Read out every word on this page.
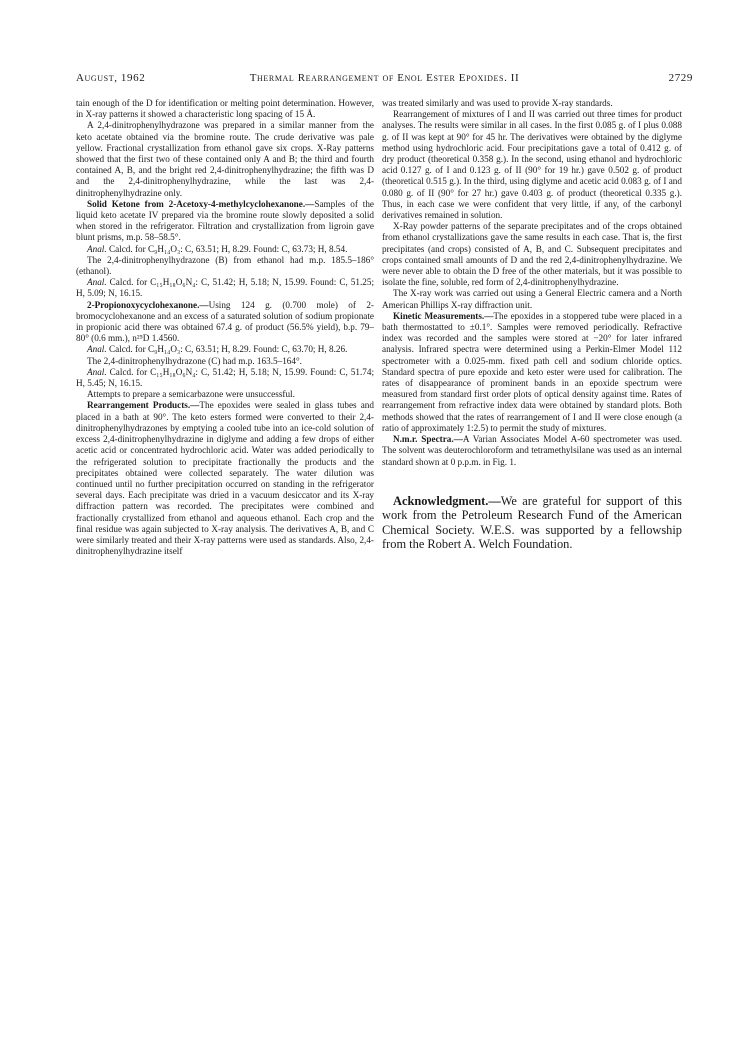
August, 1962	Thermal Rearrangement of Enol Ester Epoxides. II	2729

tain enough of the D for identification or melting point determination. However, in X-ray patterns it showed a characteristic long spacing of 15 Å.

A 2,4-dinitrophenylhydrazone was prepared in a similar manner from the keto acetate obtained via the bromine route. The crude derivative was pale yellow. Fractional crystallization from ethanol gave six crops. X-Ray patterns showed that the first two of these contained only A and B; the third and fourth contained A, B, and the bright red 2,4-dinitrophenylhydrazine; the fifth was D and the 2,4-dinitrophenylhydrazine, while the last was 2,4-dinitrophenylhydrazine only.

Solid Ketone from 2-Acetoxy-4-methylcyclohexanone.—Samples of the liquid keto acetate IV prepared via the bromine route slowly deposited a solid when stored in the refrigerator. Filtration and crystallization from ligroin gave blunt prisms, m.p. 58–58.5°.

Anal. Calcd. for C₉H₁₄O₃: C, 63.51; H, 8.29. Found: C, 63.73; H, 8.54.

The 2,4-dinitrophenylhydrazone (B) from ethanol had m.p. 185.5–186° (ethanol).

Anal. Calcd. for C₁₅H₁₈O₆N₄: C, 51.42; H, 5.18; N, 15.99. Found: C, 51.25; H, 5.09; N, 16.15.

2-Propionoxycyclohexanone.—Using 124 g. (0.700 mole) of 2-bromocyclohexanone and an excess of a saturated solution of sodium propionate in propionic acid there was obtained 67.4 g. of product (56.5% yield), b.p. 79–80° (0.6 mm.), n²⁵D 1.4560.

Anal. Calcd. for C₉H₁₄O₃: C, 63.51; H, 8.29. Found: C, 63.70; H, 8.26.

The 2,4-dinitrophenylhydrazone (C) had m.p. 163.5–164°.

Anal. Calcd. for C₁₅H₁₈O₆N₄: C, 51.42; H, 5.18; N, 15.99. Found: C, 51.74; H, 5.45; N, 16.15.

Attempts to prepare a semicarbazone were unsuccessful.

Rearrangement Products.—The epoxides were sealed in glass tubes and placed in a bath at 90°. The keto esters formed were converted to their 2,4-dinitrophenylhydrazones by emptying a cooled tube into an ice-cold solution of excess 2,4-dinitrophenylhydrazine in diglyme and adding a few drops of either acetic acid or concentrated hydrochloric acid. Water was added periodically to the refrigerated solution to precipitate fractionally the products and the precipitates obtained were collected separately. The water dilution was continued until no further precipitation occurred on standing in the refrigerator several days. Each precipitate was dried in a vacuum desiccator and its X-ray diffraction pattern was recorded. The precipitates were combined and fractionally crystallized from ethanol and aqueous ethanol. Each crop and the final residue was again subjected to X-ray analysis. The derivatives A, B, and C were similarly treated and their X-ray patterns were used as standards. Also, 2,4-dinitrophenylhydrazine itself

was treated similarly and was used to provide X-ray standards.

Rearrangement of mixtures of I and II was carried out three times for product analyses. The results were similar in all cases. In the first 0.085 g. of I plus 0.088 g. of II was kept at 90° for 45 hr. The derivatives were obtained by the diglyme method using hydrochloric acid. Four precipitations gave a total of 0.412 g. of dry product (theoretical 0.358 g.). In the second, using ethanol and hydrochloric acid 0.127 g. of I and 0.123 g. of II (90° for 19 hr.) gave 0.502 g. of product (theoretical 0.515 g.). In the third, using diglyme and acetic acid 0.083 g. of I and 0.080 g. of II (90° for 27 hr.) gave 0.403 g. of product (theoretical 0.335 g.). Thus, in each case we were confident that very little, if any, of the carbonyl derivatives remained in solution.

X-Ray powder patterns of the separate precipitates and of the crops obtained from ethanol crystallizations gave the same results in each case. That is, the first precipitates (and crops) consisted of A, B, and C. Subsequent precipitates and crops contained small amounts of D and the red 2,4-dinitrophenylhydrazine. We were never able to obtain the D free of the other materials, but it was possible to isolate the fine, soluble, red form of 2,4-dinitrophenylhydrazine.

The X-ray work was carried out using a General Electric camera and a North American Phillips X-ray diffraction unit.

Kinetic Measurements.—The epoxides in a stoppered tube were placed in a bath thermostatted to ±0.1°. Samples were removed periodically. Refractive index was recorded and the samples were stored at −20° for later infrared analysis. Infrared spectra were determined using a Perkin-Elmer Model 112 spectrometer with a 0.025-mm. fixed path cell and sodium chloride optics. Standard spectra of pure epoxide and keto ester were used for calibration. The rates of disappearance of prominent bands in an epoxide spectrum were measured from standard first order plots of optical density against time. Rates of rearrangement from refractive index data were obtained by standard plots. Both methods showed that the rates of rearrangement of I and II were close enough (a ratio of approximately 1:2.5) to permit the study of mixtures.

N.m.r. Spectra.—A Varian Associates Model A-60 spectrometer was used. The solvent was deuterochloroform and tetramethylsilane was used as an internal standard shown at 0 p.p.m. in Fig. 1.

Acknowledgment.—We are grateful for support of this work from the Petroleum Research Fund of the American Chemical Society. W.E.S. was supported by a fellowship from the Robert A. Welch Foundation.
